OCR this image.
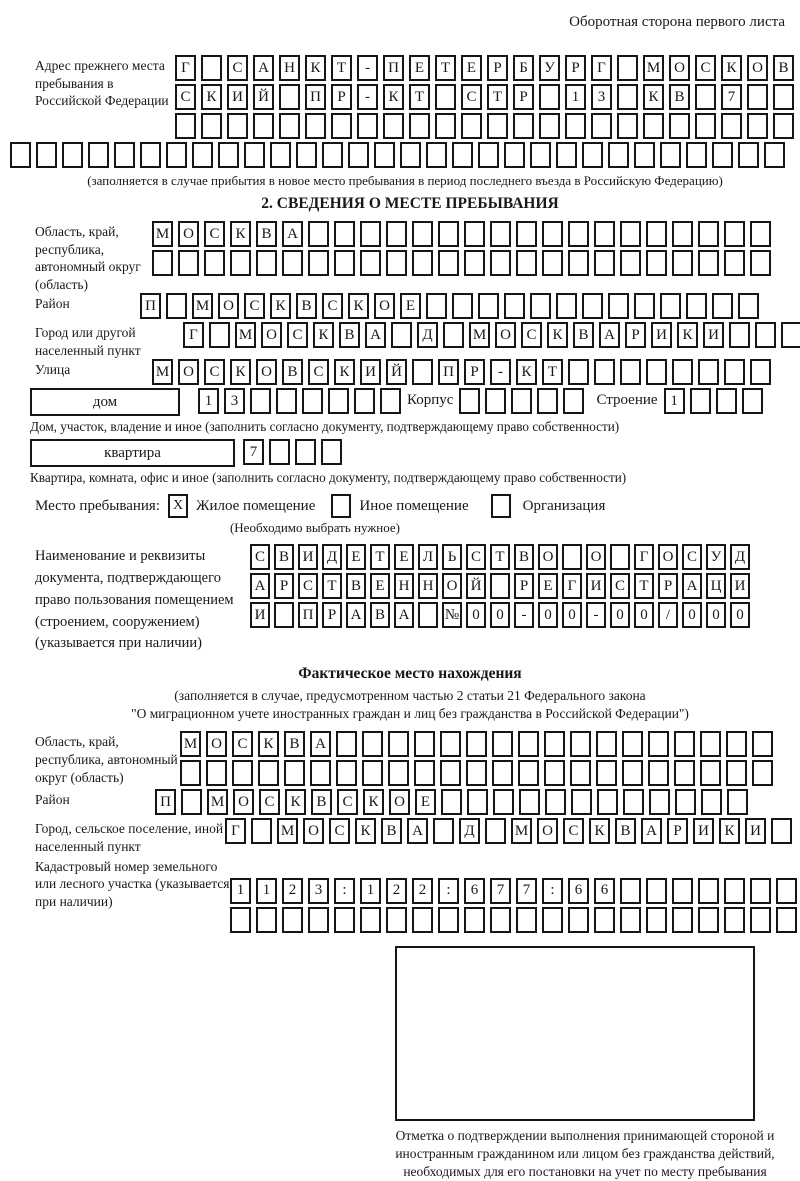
Оборотная сторона первого листа
Адрес прежнего места пребывания в Российской Федерации
Г	С	А	Н	К	Т	-	П	Е	Т	Е	Р	Б	У	Р	Г	М О	С	К	О	В
С	К	И	Й	П	Р	-	К	Т	С	Т	Р	1	3	К	В	7
(заполняется в случае прибытия в новое место пребывания в период последнего въезда в Российскую Федерацию)
2. СВЕДЕНИЯ О МЕСТЕ ПРЕБЫВАНИЯ
Область, край, республика, автономный округ (область)
М О	С	К	В	А
Район	П	М О	С	К	В	С	К	О	Е
Город или другой населенный пункт
Г	М О	С	К	В	А	Д	М О	С	К	В	А	Р	И	К	И
Улица	М О	С	К	О	В	С	К	И	Й	П	Р	-	К	Т
дом	1	3	Корпус	Строение 1
Дом, участок, владение и иное (заполнить согласно документу, подтверждающему право собственности)
квартира	7
Квартира, комната, офис и иное (заполнить согласно документу, подтверждающему право собственности)
Место пребывания: X Жилое помещение	Иное помещение	Организация
(Необходимо выбрать нужное)
Наименование и реквизиты документа, подтверждающего право пользования помещением (строением, сооружением) (указывается при наличии)
С В И Д Е Т Е Л Ь С Т В О	О	Г О С У Д
А Р С Т В Е Н Н О Й	Р	Е	Г И С Т	Р А Ц И
И	П Р А В А	№ 0	0	-	0	0	-	0	0	/	0	0	0
Фактическое место нахождения
(заполняется в случае, предусмотренном частью 2 статьи 21 Федерального закона
"О миграционном учете иностранных граждан и лиц без гражданства в Российской Федерации")
Область, край, республика, автономный округ (область)
М О	С	К	В	А
Район	П	М О	С	К	В	С	К	О	Е
Город, сельское поселение, иной населенный пункт
Г	М О	С	К	В	А	Д	М О	С	К	В	А	Р	И	К	И
Кадастровый номер земельного или лесного участка (указывается при наличии)
1	1	2	3	:	1	2	2	:	6	7	7	:	6	6
Отметка о подтверждении выполнения принимающей стороной и иностранным гражданином или лицом без гражданства действий, необходимых для его постановки на учет по месту пребывания
